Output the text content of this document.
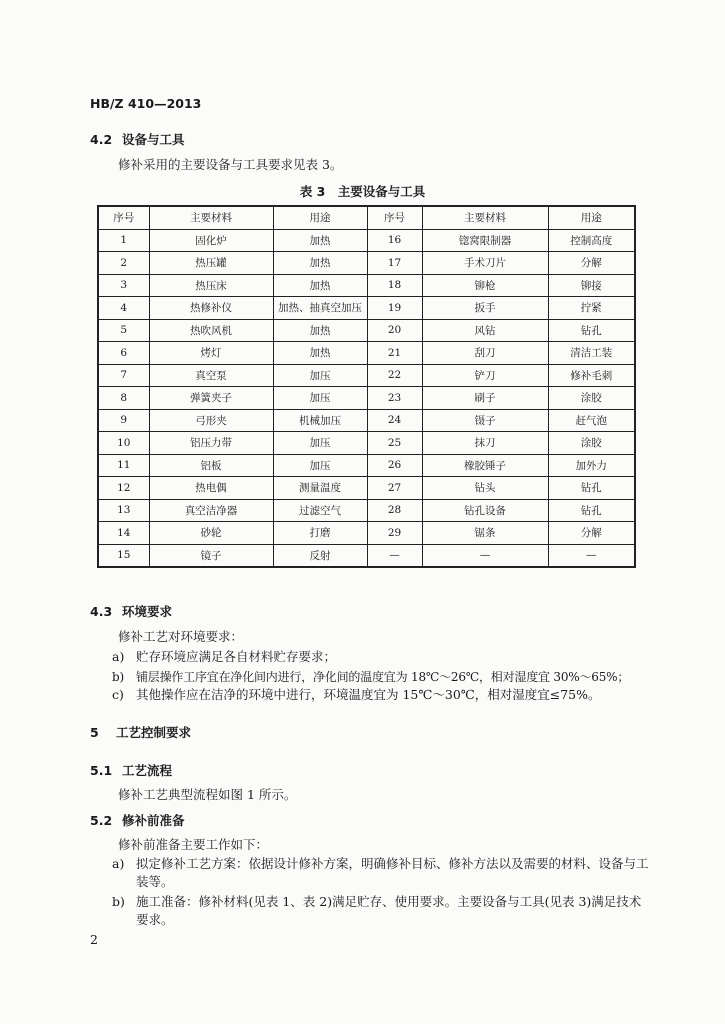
HB/Z 410—2013
4.2 设备与工具
修补采用的主要设备与工具要求见表 3。
表 3　主要设备与工具
序号	主要材料	用途	序号	主要材料	用途
1	固化炉	加热	16	锪窝限制器	控制高度
2	热压罐	加热	17	手术刀片	分解
3	热压床	加热	18	铆枪	铆接
4	热修补仪	加热、抽真空加压	19	扳手	拧紧
5	热吹风机	加热	20	风钻	钻孔
6	烤灯	加热	21	刮刀	清洁工装
7	真空泵	加压	22	铲刀	修补毛刺
8	弹簧夹子	加压	23	刷子	涂胶
9	弓形夹	机械加压	24	镊子	赶气泡
10	铝压力带	加压	25	抹刀	涂胶
11	铝板	加压	26	橡胶锤子	加外力
12	热电偶	测量温度	27	钻头	钻孔
13	真空洁净器	过滤空气	28	钻孔设备	钻孔
14	砂轮	打磨	29	锯条	分解
15	镜子	反射	—	—	—
4.3 环境要求
修补工艺对环境要求：
a) 贮存环境应满足各自材料贮存要求；
b) 铺层操作工序宜在净化间内进行，净化间的温度宜为 18℃～26℃，相对湿度宜 30%～65%；
c) 其他操作应在洁净的环境中进行，环境温度宜为 15℃～30℃，相对湿度宜≤75%。
5 工艺控制要求
5.1 工艺流程
修补工艺典型流程如图 1 所示。
5.2 修补前准备
修补前准备主要工作如下：
a) 拟定修补工艺方案：依据设计修补方案，明确修补目标、修补方法以及需要的材料、设备与工
装等。
b) 施工准备：修补材料(见表 1、表 2)满足贮存、使用要求。主要设备与工具(见表 3)满足技术
要求。
2
